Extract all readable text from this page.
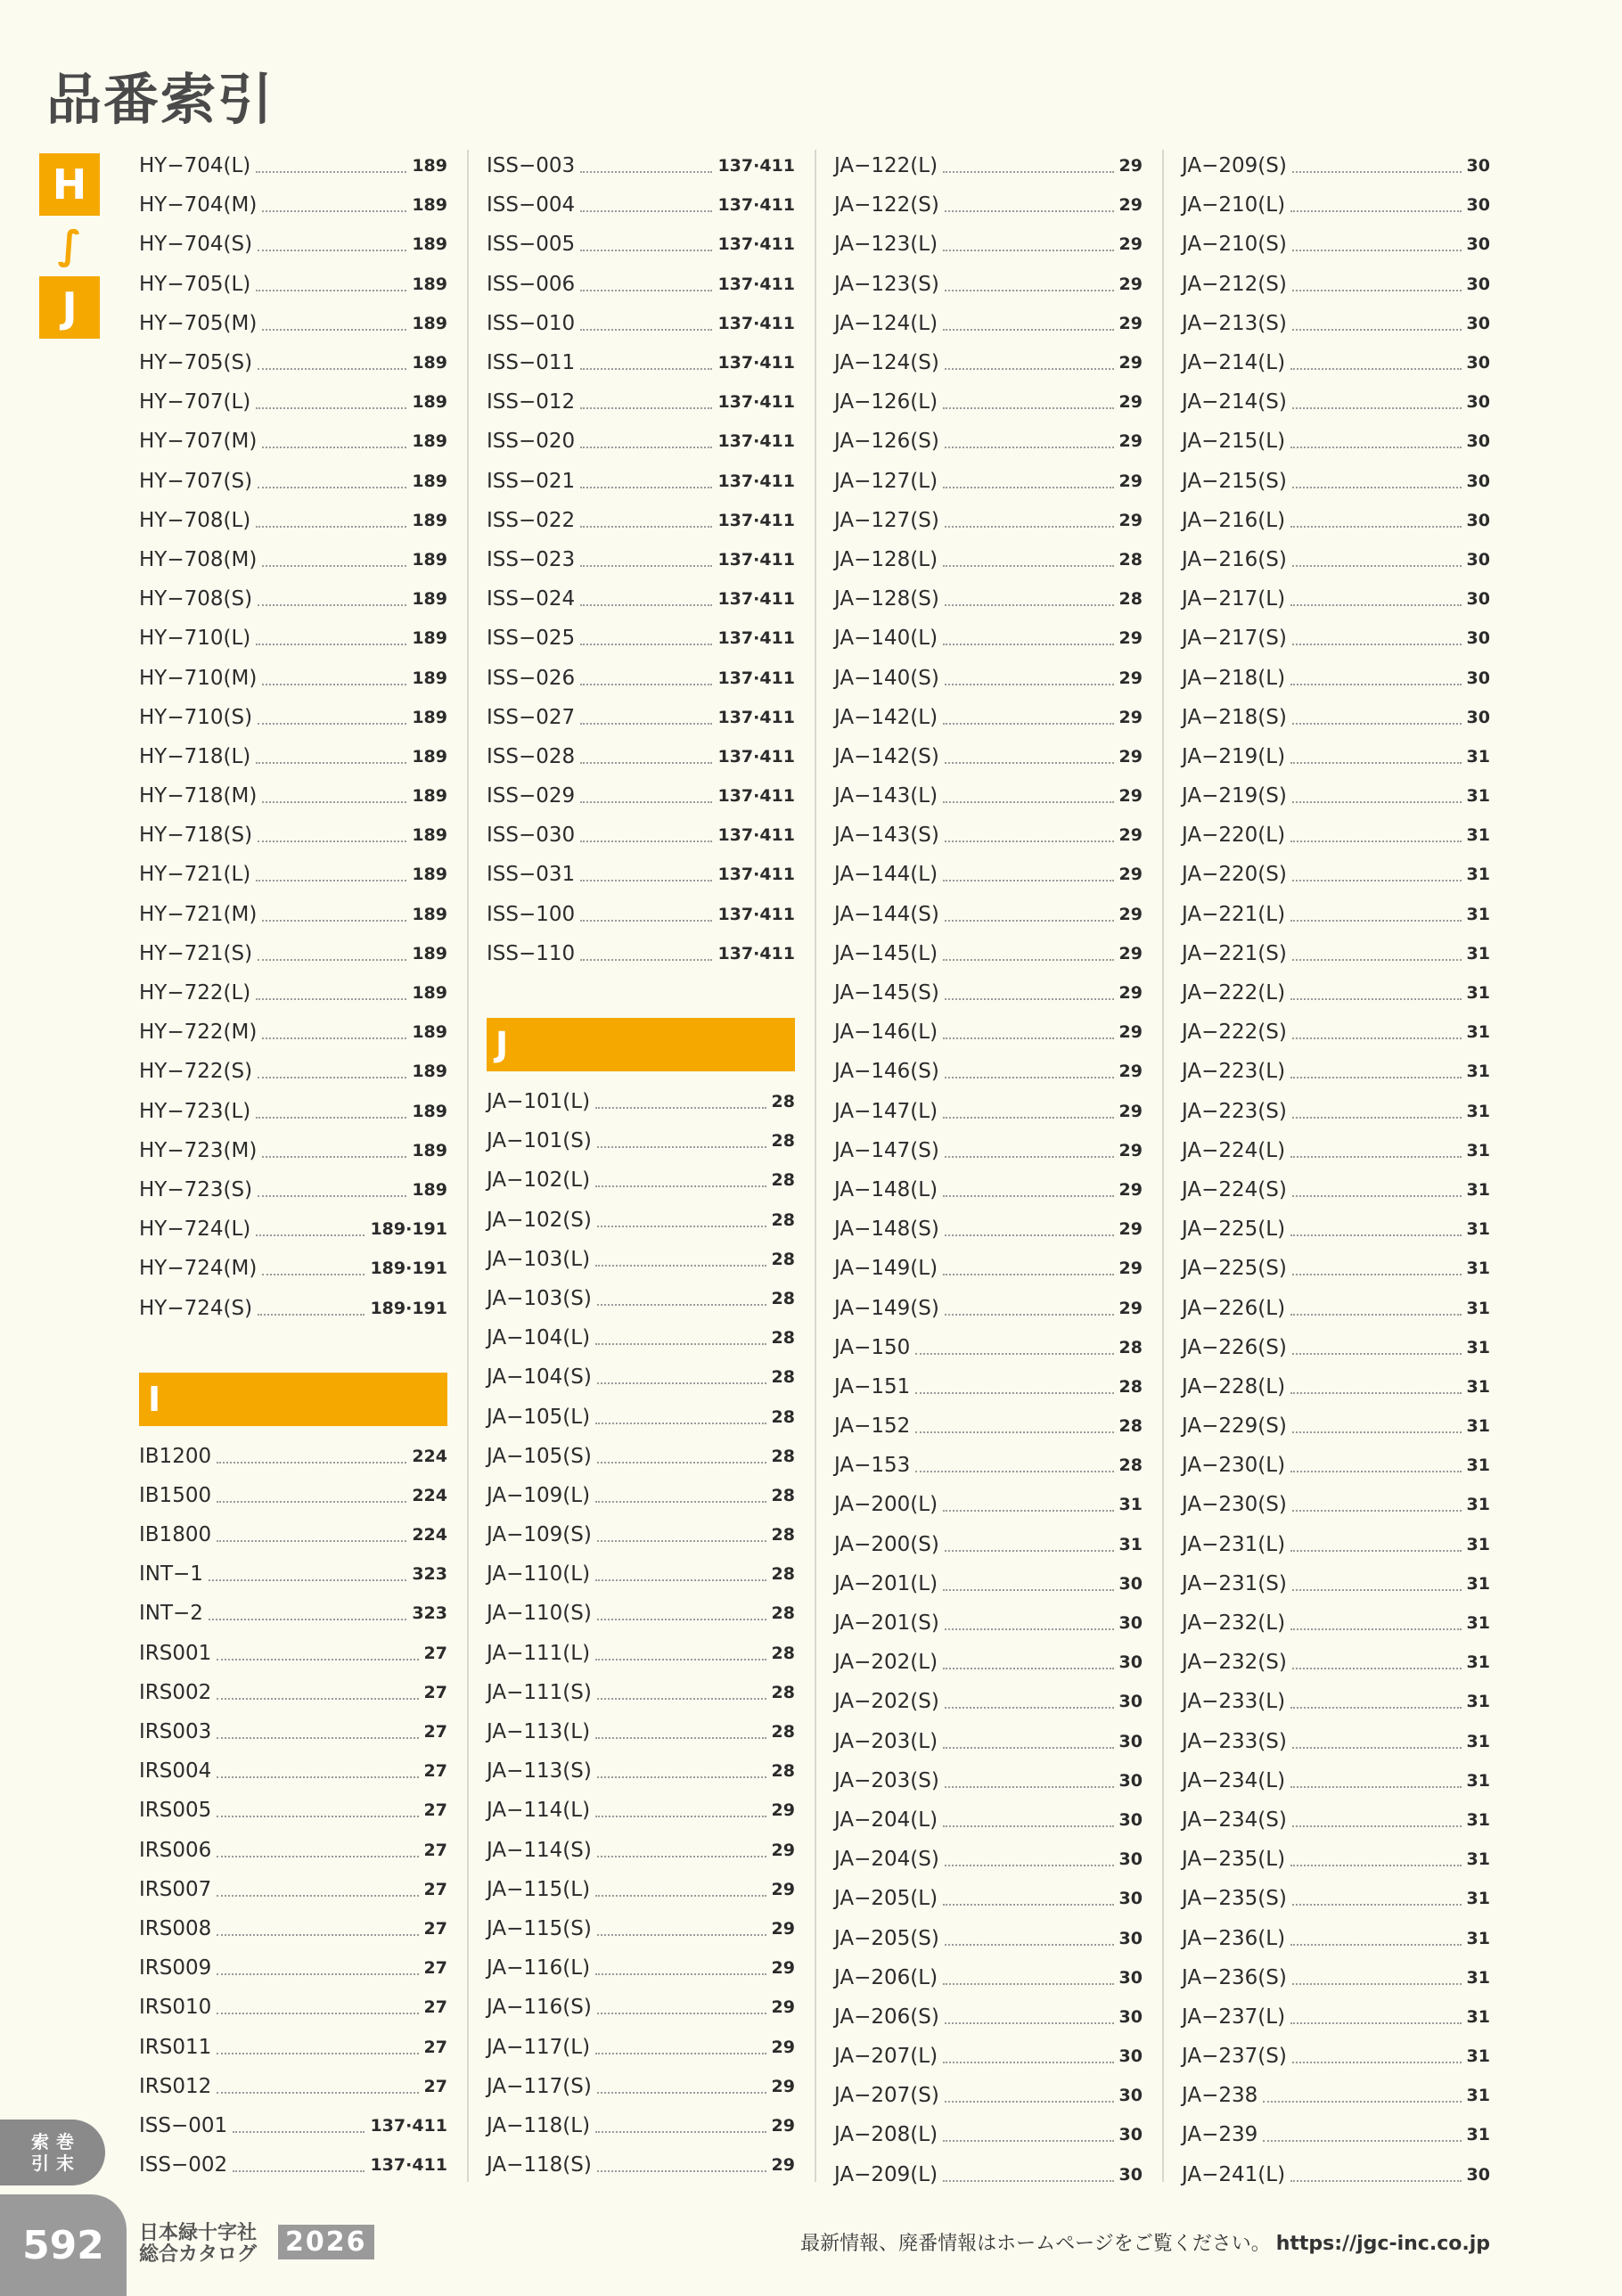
品番索引
H
∫
J
HY−704(L)	189
HY−704(M)	189
HY−704(S)	189
HY−705(L)	189
HY−705(M)	189
HY−705(S)	189
HY−707(L)	189
HY−707(M)	189
HY−707(S)	189
HY−708(L)	189
HY−708(M)	189
HY−708(S)	189
HY−710(L)	189
HY−710(M)	189
HY−710(S)	189
HY−718(L)	189
HY−718(M)	189
HY−718(S)	189
HY−721(L)	189
HY−721(M)	189
HY−721(S)	189
HY−722(L)	189
HY−722(M)	189
HY−722(S)	189
HY−723(L)	189
HY−723(M)	189
HY−723(S)	189
HY−724(L)	189·191
HY−724(M)	189·191
HY−724(S)	189·191
I
IB1200	224
IB1500	224
IB1800	224
INT−1	323
INT−2	323
IRS001	27
IRS002	27
IRS003	27
IRS004	27
IRS005	27
IRS006	27
IRS007	27
IRS008	27
IRS009	27
IRS010	27
IRS011	27
IRS012	27
ISS−001	137·411
ISS−002	137·411
ISS−003	137·411
ISS−004	137·411
ISS−005	137·411
ISS−006	137·411
ISS−010	137·411
ISS−011	137·411
ISS−012	137·411
ISS−020	137·411
ISS−021	137·411
ISS−022	137·411
ISS−023	137·411
ISS−024	137·411
ISS−025	137·411
ISS−026	137·411
ISS−027	137·411
ISS−028	137·411
ISS−029	137·411
ISS−030	137·411
ISS−031	137·411
ISS−100	137·411
ISS−110	137·411
J
JA−101(L)	28
JA−101(S)	28
JA−102(L)	28
JA−102(S)	28
JA−103(L)	28
JA−103(S)	28
JA−104(L)	28
JA−104(S)	28
JA−105(L)	28
JA−105(S)	28
JA−109(L)	28
JA−109(S)	28
JA−110(L)	28
JA−110(S)	28
JA−111(L)	28
JA−111(S)	28
JA−113(L)	28
JA−113(S)	28
JA−114(L)	29
JA−114(S)	29
JA−115(L)	29
JA−115(S)	29
JA−116(L)	29
JA−116(S)	29
JA−117(L)	29
JA−117(S)	29
JA−118(L)	29
JA−118(S)	29
JA−122(L)	29
JA−122(S)	29
JA−123(L)	29
JA−123(S)	29
JA−124(L)	29
JA−124(S)	29
JA−126(L)	29
JA−126(S)	29
JA−127(L)	29
JA−127(S)	29
JA−128(L)	28
JA−128(S)	28
JA−140(L)	29
JA−140(S)	29
JA−142(L)	29
JA−142(S)	29
JA−143(L)	29
JA−143(S)	29
JA−144(L)	29
JA−144(S)	29
JA−145(L)	29
JA−145(S)	29
JA−146(L)	29
JA−146(S)	29
JA−147(L)	29
JA−147(S)	29
JA−148(L)	29
JA−148(S)	29
JA−149(L)	29
JA−149(S)	29
JA−150	28
JA−151	28
JA−152	28
JA−153	28
JA−200(L)	31
JA−200(S)	31
JA−201(L)	30
JA−201(S)	30
JA−202(L)	30
JA−202(S)	30
JA−203(L)	30
JA−203(S)	30
JA−204(L)	30
JA−204(S)	30
JA−205(L)	30
JA−205(S)	30
JA−206(L)	30
JA−206(S)	30
JA−207(L)	30
JA−207(S)	30
JA−208(L)	30
JA−209(L)	30
JA−209(S)	30
JA−210(L)	30
JA−210(S)	30
JA−212(S)	30
JA−213(S)	30
JA−214(L)	30
JA−214(S)	30
JA−215(L)	30
JA−215(S)	30
JA−216(L)	30
JA−216(S)	30
JA−217(L)	30
JA−217(S)	30
JA−218(L)	30
JA−218(S)	30
JA−219(L)	31
JA−219(S)	31
JA−220(L)	31
JA−220(S)	31
JA−221(L)	31
JA−221(S)	31
JA−222(L)	31
JA−222(S)	31
JA−223(L)	31
JA−223(S)	31
JA−224(L)	31
JA−224(S)	31
JA−225(L)	31
JA−225(S)	31
JA−226(L)	31
JA−226(S)	31
JA−228(L)	31
JA−229(S)	31
JA−230(L)	31
JA−230(S)	31
JA−231(L)	31
JA−231(S)	31
JA−232(L)	31
JA−232(S)	31
JA−233(L)	31
JA−233(S)	31
JA−234(L)	31
JA−234(S)	31
JA−235(L)	31
JA−235(S)	31
JA−236(L)	31
JA−236(S)	31
JA−237(L)	31
JA−237(S)	31
JA−238	31
JA−239	31
JA−241(L)	30
索引
巻末
592	日本緑十字社
総合カタログ 2026	最新情報、廃番情報はホームページをご覧ください。 https://jgc-inc.co.jp
